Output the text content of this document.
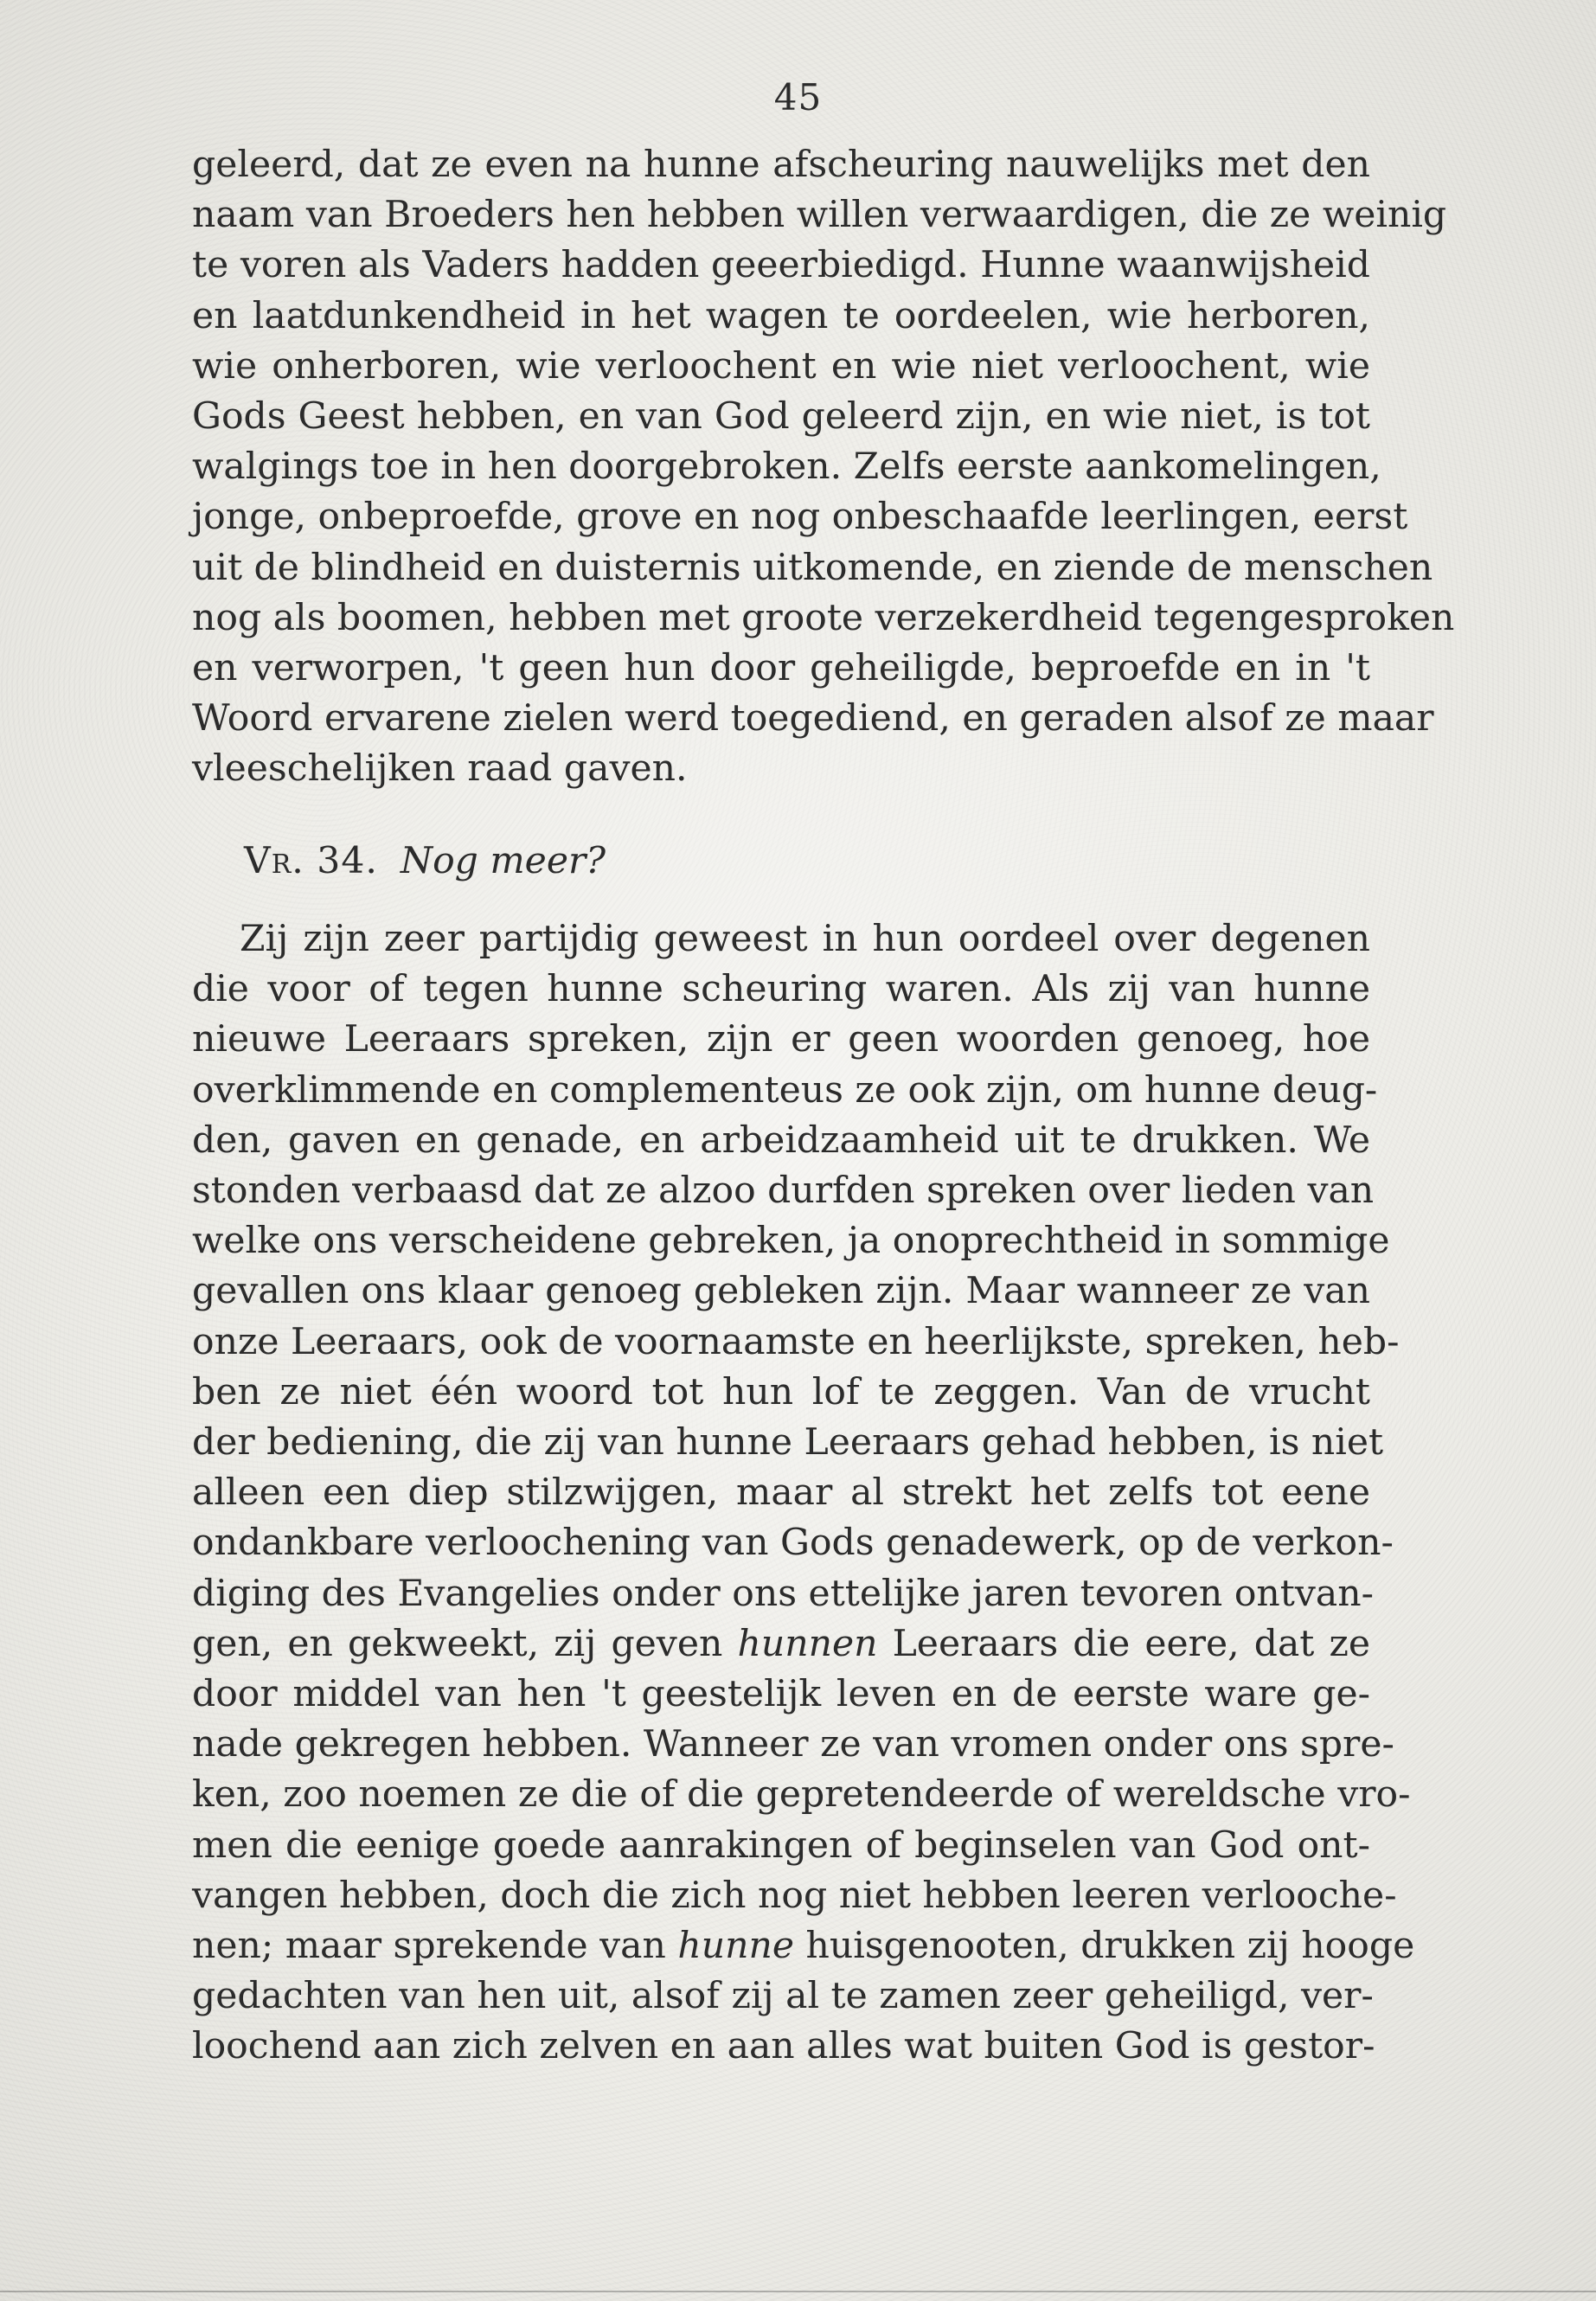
45
geleerd, dat ze even na hunne afscheuring nauwelijks met den
naam van Broeders hen hebben willen verwaardigen, die ze weinig
te voren als Vaders hadden geeerbiedigd. Hunne waanwijsheid
en laatdunkendheid in het wagen te oordeelen, wie herboren,
wie onherboren, wie verloochent en wie niet verloochent, wie
Gods Geest hebben, en van God geleerd zijn, en wie niet, is tot
walgings toe in hen doorgebroken. Zelfs eerste aankomelingen,
jonge, onbeproefde, grove en nog onbeschaafde leerlingen, eerst
uit de blindheid en duisternis uitkomende, en ziende de menschen
nog als boomen, hebben met groote verzekerdheid tegengesproken
en verworpen, 't geen hun door geheiligde, beproefde en in 't
Woord ervarene zielen werd toegediend, en geraden alsof ze maar
vleeschelijken raad gaven.
Vr. 34. Nog meer?
Zij zijn zeer partijdig geweest in hun oordeel over degenen
die voor of tegen hunne scheuring waren. Als zij van hunne
nieuwe Leeraars spreken, zijn er geen woorden genoeg, hoe
overklimmende en complementeus ze ook zijn, om hunne deug-
den, gaven en genade, en arbeidzaamheid uit te drukken. We
stonden verbaasd dat ze alzoo durfden spreken over lieden van
welke ons verscheidene gebreken, ja onoprechtheid in sommige
gevallen ons klaar genoeg gebleken zijn. Maar wanneer ze van
onze Leeraars, ook de voornaamste en heerlijkste, spreken, heb-
ben ze niet één woord tot hun lof te zeggen. Van de vrucht
der bediening, die zij van hunne Leeraars gehad hebben, is niet
alleen een diep stilzwijgen, maar al strekt het zelfs tot eene
ondankbare verloochening van Gods genadewerk, op de verkon-
diging des Evangelies onder ons ettelijke jaren tevoren ontvan-
gen, en gekweekt, zij geven hunnen Leeraars die eere, dat ze
door middel van hen 't geestelijk leven en de eerste ware ge-
nade gekregen hebben. Wanneer ze van vromen onder ons spre-
ken, zoo noemen ze die of die gepretendeerde of wereldsche vro-
men die eenige goede aanrakingen of beginselen van God ont-
vangen hebben, doch die zich nog niet hebben leeren verlooche-
nen; maar sprekende van hunne huisgenooten, drukken zij hooge
gedachten van hen uit, alsof zij al te zamen zeer geheiligd, ver-
loochend aan zich zelven en aan alles wat buiten God is gestor-
